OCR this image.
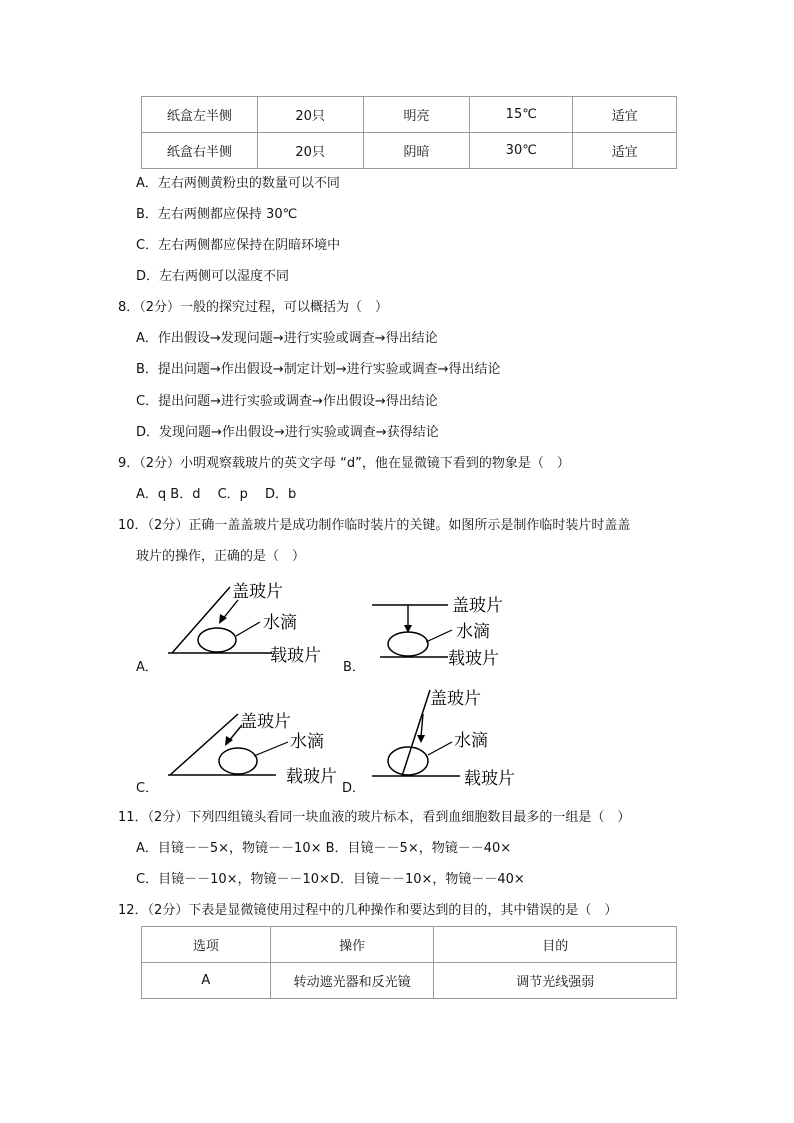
纸盒左半侧	20只	明亮	15℃	适宜
纸盒右半侧	20只	阴暗	30℃	适宜
A．左右两侧黄粉虫的数量可以不同
B．左右两侧都应保持 30℃
C．左右两侧都应保持在阴暗环境中
D．左右两侧可以湿度不同
8．（2分）一般的探究过程，可以概括为（　）
A．作出假设→发现问题→进行实验或调查→得出结论
B．提出问题→作出假设→制定计划→进行实验或调查→得出结论
C．提出问题→进行实验或调查→作出假设→得出结论
D．发现问题→作出假设→进行实验或调查→获得结论
9．（2分）小明观察载玻片的英文字母 “d”，他在显微镜下看到的物象是（　）
A．q B．d　 C．p　 D．b
10．（2分）正确一盖盖玻片是成功制作临时装片的关键。如图所示是制作临时装片时盖盖
玻片的操作，正确的是（　）
盖玻片
水滴
载玻片
A．
盖玻片
水滴
载玻片
B．
盖玻片
水滴
载玻片
C．	D．
盖玻片
水滴
载玻片
11．（2分）下列四组镜头看同一块血液的玻片标本，看到血细胞数目最多的一组是（　）
A．目镜－－5×，物镜－－10× B．目镜－－5×，物镜－－40×
C．目镜－－10×，物镜－－10×D．目镜－－10×，物镜－－40×
12．（2分）下表是显微镜使用过程中的几种操作和要达到的目的，其中错误的是（　）
选项	操作	目的
A	转动遮光器和反光镜	调节光线强弱
